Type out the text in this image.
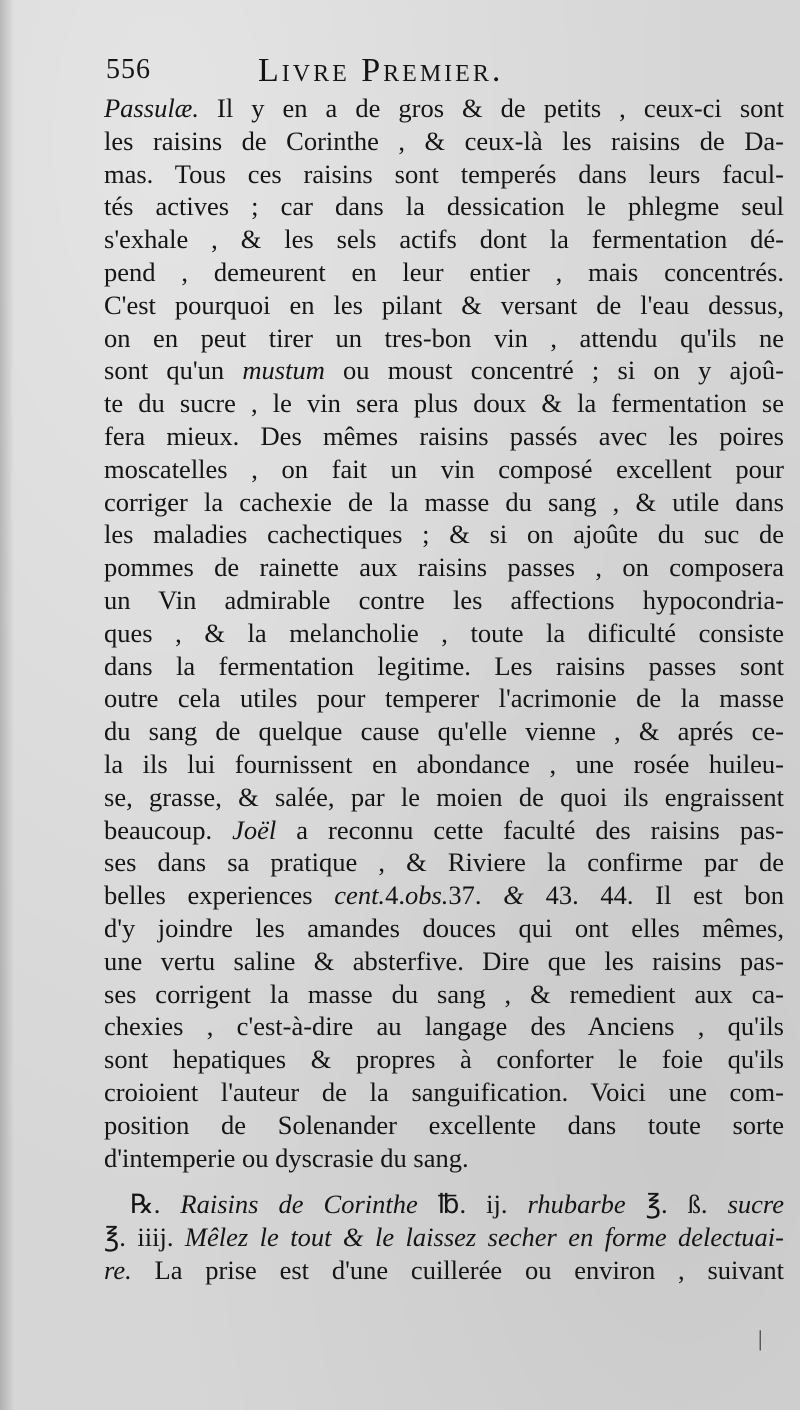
556	Livre Premier.
Passulæ. Il y en a de gros & de petits , ceux-ci sont
les raisins de Corinthe , & ceux-là les raisins de Da-
mas. Tous ces raisins sont temperés dans leurs facul-
tés actives ; car dans la dessication le phlegme seul
s'exhale , & les sels actifs dont la fermentation dé-
pend , demeurent en leur entier , mais concentrés.
C'est pourquoi en les pilant & versant de l'eau dessus,
on en peut tirer un tres-bon vin , attendu qu'ils ne
sont qu'un mustum ou moust concentré ; si on y ajoû-
te du sucre , le vin sera plus doux & la fermentation se
fera mieux. Des mêmes raisins passés avec les poires
moscatelles , on fait un vin composé excellent pour
corriger la cachexie de la masse du sang , & utile dans
les maladies cachectiques ; & si on ajoûte du suc de
pommes de rainette aux raisins passes , on composera
un Vin admirable contre les affections hypocondria-
ques , & la melancholie , toute la dificulté consiste
dans la fermentation legitime. Les raisins passes sont
outre cela utiles pour temperer l'acrimonie de la masse
du sang de quelque cause qu'elle vienne , & aprés ce-
la ils lui fournissent en abondance , une rosée huileu-
se, grasse, & salée, par le moien de quoi ils engraissent
beaucoup. Joël a reconnu cette faculté des raisins pas-
ses dans sa pratique , & Riviere la confirme par de
belles experiences cent.4.obs.37. & 43. 44. Il est bon
d'y joindre les amandes douces qui ont elles mêmes,
une vertu saline & absterfive. Dire que les raisins pas-
ses corrigent la masse du sang , & remedient aux ca-
chexies , c'est-à-dire au langage des Anciens , qu'ils
sont hepatiques & propres à conforter le foie qu'ils
croioient l'auteur de la sanguification. Voici une com-
position de Solenander excellente dans toute sorte
d'intemperie ou dyscrasie du sang.
℞. Raisins de Corinthe ℔. ij. rhubarbe ℥. ß. sucre
℥. iiij. Mêlez le tout & le laissez secher en forme delectuai-
re. La prise est d'une cuillerée ou environ , suivant
|
